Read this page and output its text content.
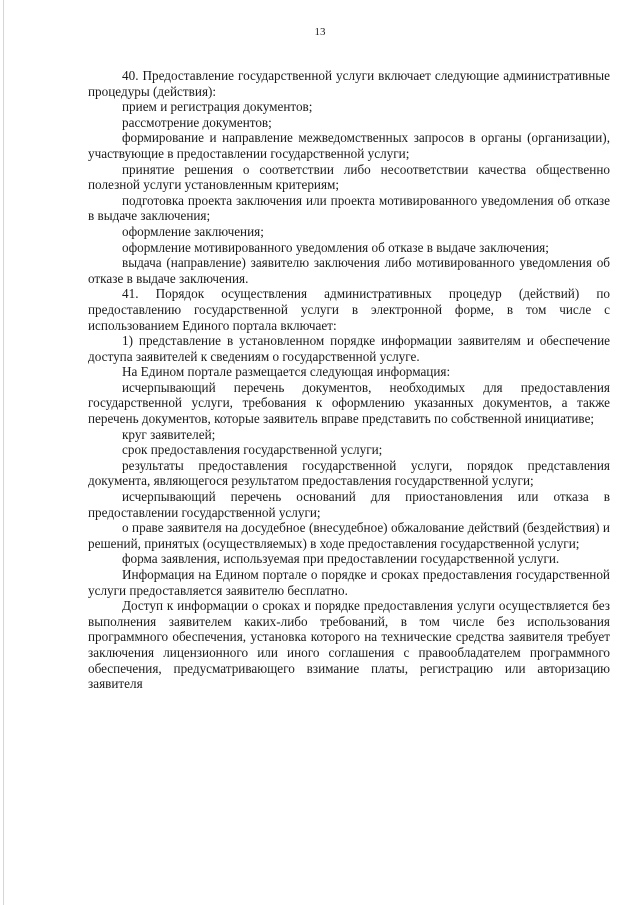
13

40. Предоставление государственной услуги включает следующие административные процедуры (действия):

прием и регистрация документов;

рассмотрение документов;

формирование и направление межведомственных запросов в органы (организации), участвующие в предоставлении государственной услуги;

принятие решения о соответствии либо несоответствии качества общественно полезной услуги установленным критериям;

подготовка проекта заключения или проекта мотивированного уведомления об отказе в выдаче заключения;

оформление заключения;

оформление мотивированного уведомления об отказе в выдаче заключения;

выдача (направление) заявителю заключения либо мотивированного уведомления об отказе в выдаче заключения.

41. Порядок осуществления административных процедур (действий) по предоставлению государственной услуги в электронной форме, в том числе с использованием Единого портала включает:

1) представление в установленном порядке информации заявителям и обеспечение доступа заявителей к сведениям о государственной услуге.

На Едином портале размещается следующая информация:

исчерпывающий перечень документов, необходимых для предоставления государственной услуги, требования к оформлению указанных документов, а также перечень документов, которые заявитель вправе представить по собственной инициативе;

круг заявителей;

срок предоставления государственной услуги;

результаты предоставления государственной услуги, порядок представления документа, являющегося результатом предоставления государственной услуги;

исчерпывающий перечень оснований для приостановления или отказа в предоставлении государственной услуги;

о праве заявителя на досудебное (внесудебное) обжалование действий (бездействия) и решений, принятых (осуществляемых) в ходе предоставления государственной услуги;

форма заявления, используемая при предоставлении государственной услуги.

Информация на Едином портале о порядке и сроках предоставления государственной услуги предоставляется заявителю бесплатно.

Доступ к информации о сроках и порядке предоставления услуги осуществляется без выполнения заявителем каких-либо требований, в том числе без использования программного обеспечения, установка которого на технические средства заявителя требует заключения лицензионного или иного соглашения с правообладателем программного обеспечения, предусматривающего взимание платы, регистрацию или авторизацию заявителя
